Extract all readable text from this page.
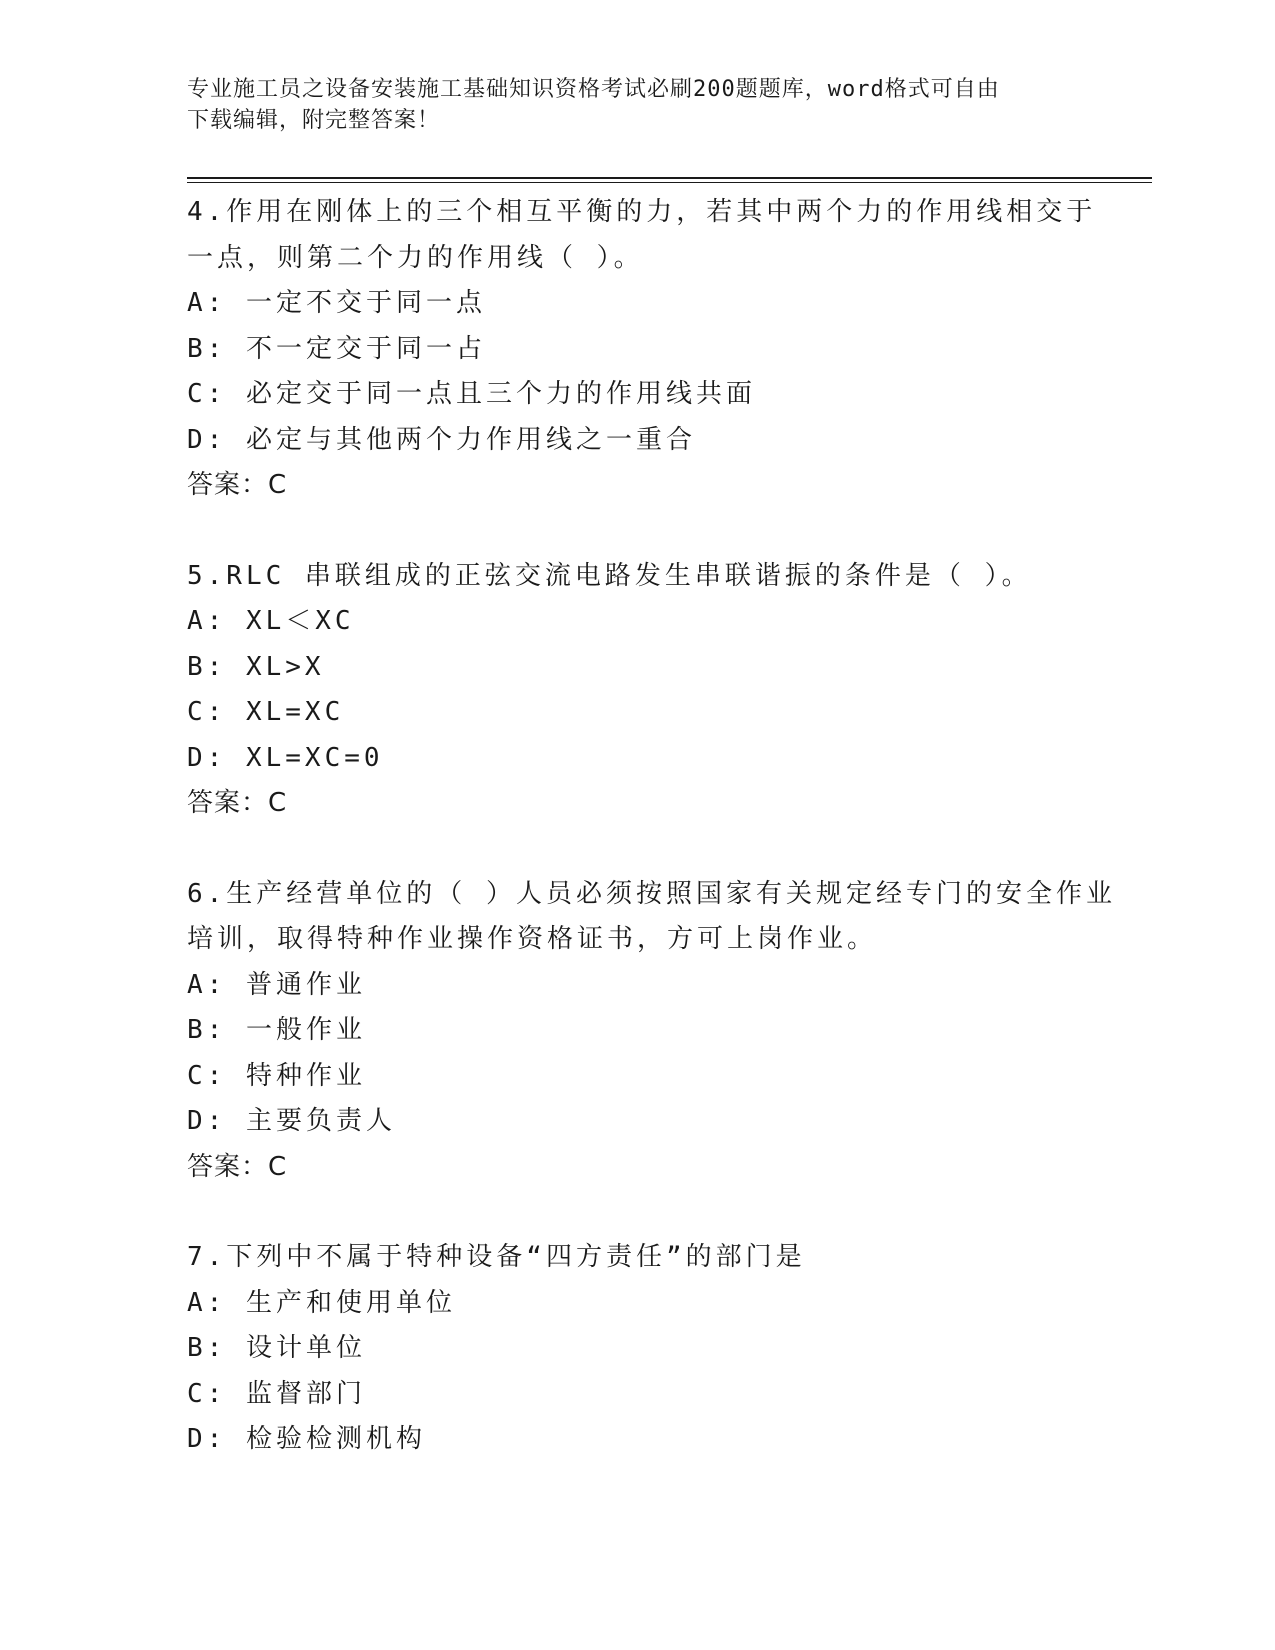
专业施工员之设备安装施工基础知识资格考试必刷200题题库，word格式可自由
下载编辑，附完整答案！
4.作用在刚体上的三个相互平衡的力，若其中两个力的作用线相交于
一点，则第二个力的作用线（ ）。
A: 一定不交于同一点
B: 不一定交于同一占
C: 必定交于同一点且三个力的作用线共面
D: 必定与其他两个力作用线之一重合
答案：C
5.RLC 串联组成的正弦交流电路发生串联谐振的条件是（ ）。
A: XL＜XC
B: XL>X
C: XL=XC
D: XL=XC=0
答案：C
6.生产经营单位的（ ）人员必须按照国家有关规定经专门的安全作业
培训，取得特种作业操作资格证书，方可上岗作业。
A: 普通作业
B: 一般作业
C: 特种作业
D: 主要负责人
答案：C
7.下列中不属于特种设备“四方责任”的部门是
A: 生产和使用单位
B: 设计单位
C: 监督部门
D: 检验检测机构
